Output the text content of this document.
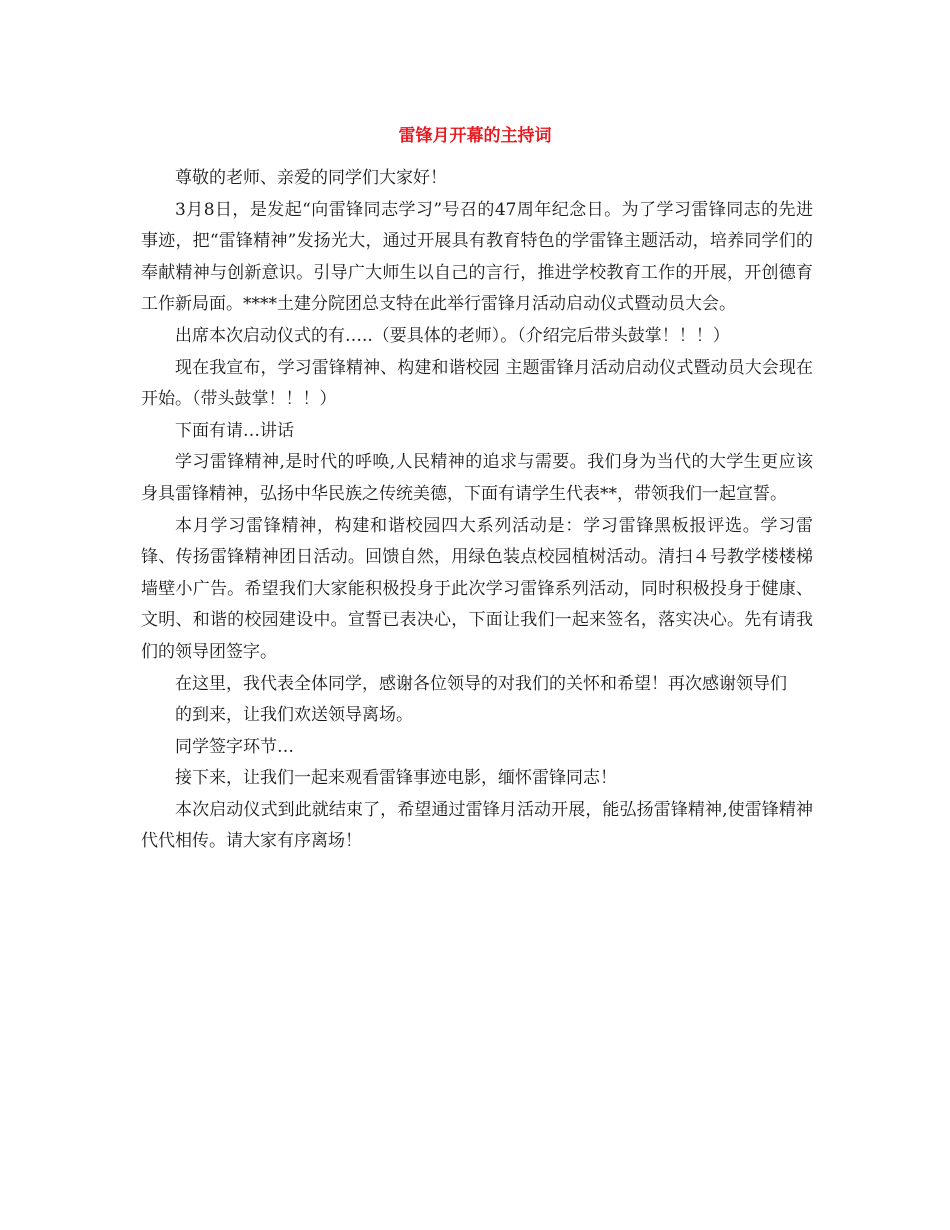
雷锋月开幕的主持词

尊敬的老师、亲爱的同学们大家好！

3月8日，是发起“向雷锋同志学习”号召的47周年纪念日。为了学习雷锋同志的先进事迹，把“雷锋精神”发扬光大，通过开展具有教育特色的学雷锋主题活动，培养同学们的奉献精神与创新意识。引导广大师生以自己的言行，推进学校教育工作的开展，开创德育工作新局面。****土建分院团总支特在此举行雷锋月活动启动仪式暨动员大会。

出席本次启动仪式的有…..（要具体的老师）。（介绍完后带头鼓掌！！！）

现在我宣布，学习雷锋精神、构建和谐校园 主题雷锋月活动启动仪式暨动员大会现在开始。（带头鼓掌！！！）

下面有请…讲话

学习雷锋精神,是时代的呼唤,人民精神的追求与需要。我们身为当代的大学生更应该身具雷锋精神，弘扬中华民族之传统美德，下面有请学生代表**，带领我们一起宣誓。

本月学习雷锋精神，构建和谐校园四大系列活动是：学习雷锋黑板报评选。学习雷锋、传扬雷锋精神团日活动。回馈自然，用绿色装点校园植树活动。清扫４号教学楼楼梯墙壁小广告。希望我们大家能积极投身于此次学习雷锋系列活动，同时积极投身于健康、文明、和谐的校园建设中。宣誓已表决心，下面让我们一起来签名，落实决心。先有请我们的领导团签字。

在这里，我代表全体同学，感谢各位领导的对我们的关怀和希望！再次感谢领导们

的到来，让我们欢送领导离场。

同学签字环节…

接下来，让我们一起来观看雷锋事迹电影，缅怀雷锋同志！

本次启动仪式到此就结束了，希望通过雷锋月活动开展，能弘扬雷锋精神,使雷锋精神代代相传。请大家有序离场！
